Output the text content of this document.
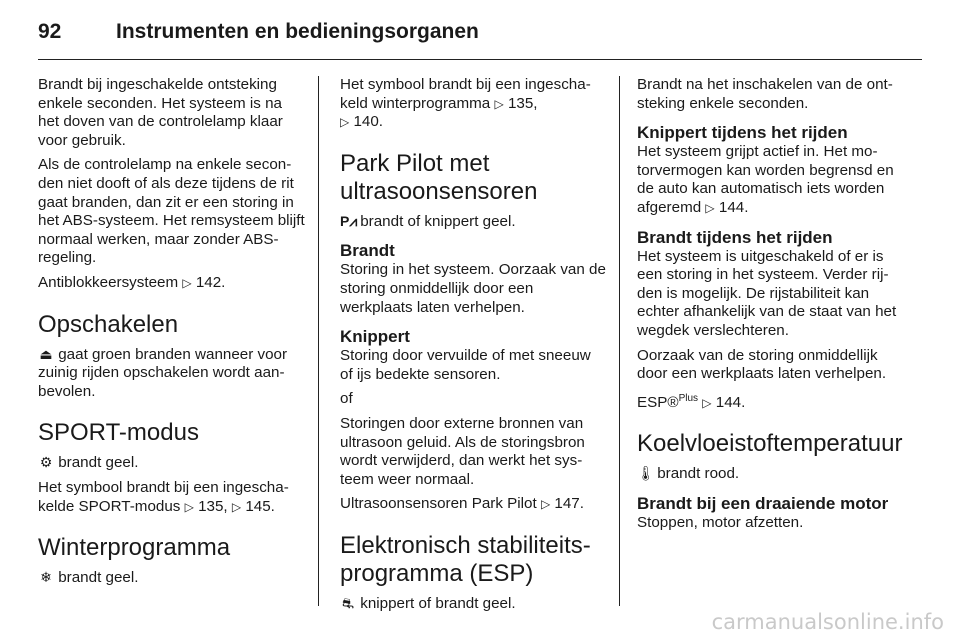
92	Instrumenten en bedieningsorganen

Brandt bij ingeschakelde ontsteking enkele seconden. Het systeem is na het doven van de controlelamp klaar voor gebruik.

Als de controlelamp na enkele seconden niet dooft of als deze tijdens de rit gaat branden, dan zit er een storing in het ABS-systeem. Het remsysteem blijft normaal werken, maar zonder ABS-regeling.

Antiblokkeersysteem ▷ 142.

Opschakelen

⏏ gaat groen branden wanneer voor zuinig rijden opschakelen wordt aanbevolen.

SPORT-modus

⚙ brandt geel.

Het symbool brandt bij een ingeschakelde SPORT-modus ▷ 135, ▷ 145.

Winterprogramma

❄ brandt geel.

Het symbool brandt bij een ingeschakeld winterprogramma ▷ 135,
▷ 140.

Park Pilot met ultrasoonsensoren

P⩘ brandt of knippert geel.

Brandt

Storing in het systeem. Oorzaak van de storing onmiddellijk door een werkplaats laten verhelpen.

Knippert

Storing door vervuilde of met sneeuw of ijs bedekte sensoren.

of

Storingen door externe bronnen van ultrasoon geluid. Als de storingsbron wordt verwijderd, dan werkt het systeem weer normaal.

Ultrasoonsensoren Park Pilot ▷ 147.

Elektronisch stabiliteitsprogramma (ESP)

⛐ knippert of brandt geel.

Brandt na het inschakelen van de ontsteking enkele seconden.

Knippert tijdens het rijden

Het systeem grijpt actief in. Het motorvermogen kan worden begrensd en de auto kan automatisch iets worden afgeremd ▷ 144.

Brandt tijdens het rijden

Het systeem is uitgeschakeld of er is een storing in het systeem. Verder rijden is mogelijk. De rijstabiliteit kan echter afhankelijk van de staat van het wegdek verslechteren.

Oorzaak van de storing onmiddellijk door een werkplaats laten verhelpen.

ESP®$^{Plus}$ ▷ 144.

Koelvloeistoftemperatuur

🌡 brandt rood.

Brandt bij een draaiende motor

Stoppen, motor afzetten.

carmanualsonline.info
